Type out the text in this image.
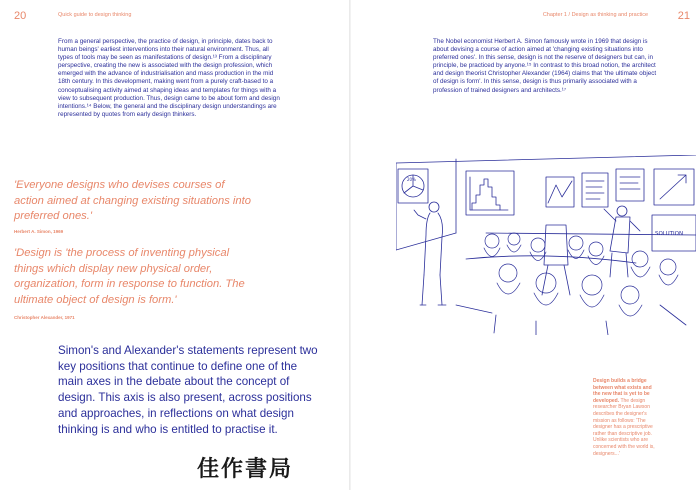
20	Quick guide to design thinking

From a general perspective, the practice of design, in principle, dates back to human beings' earliest interventions into their natural environment. Thus, all types of tools may be seen as manifestations of design.¹³ From a disciplinary perspective, creating the new is associated with the design profession, which emerged with the advance of industrialisation and mass production in the mid 18th century. In this development, making went from a purely craft-based to a conceptualising activity aimed at shaping ideas and templates for things with a view to subsequent production. Thus, design came to be about form and design intentions.¹⁴ Below, the general and the disciplinary design understandings are represented by quotes from early design thinkers.

'Everyone designs who devises courses of action aimed at changing existing situations into preferred ones.'

Herbert A. Simon, 1969

'Design is 'the process of inventing physical things which display new physical order, organization, form in response to function. The ultimate object of design is form.'

Christopher Alexander, 1971

Simon's and Alexander's statements represent two key positions that continue to define one of the main axes in the debate about the concept of design. This axis is also present, across positions and approaches, in reflections on what design thinking is and who is entitled to practise it.

Chapter 1 / Design as thinking and practice	21

The Nobel economist Herbert A. Simon famously wrote in 1969 that design is about devising a course of action aimed at 'changing existing situations into preferred ones'. In this sense, design is not the reserve of designers but can, in principle, be practiced by anyone.¹⁵ In contrast to this broad notion, the architect and design theorist Christopher Alexander (1964) claims that 'the ultimate object of design is form'. In this sense, design is thus primarily associated with a profession of trained designers and architects.¹⁷

20%
SOLUTION

Design builds a bridge between what exists and the new that is yet to be developed. The design researcher Bryan Lawson describes the designer's mission as follows: 'The designer has a prescriptive rather than descriptive job. Unlike scientists who are concerned with the world is, designers...'

佳作書局
